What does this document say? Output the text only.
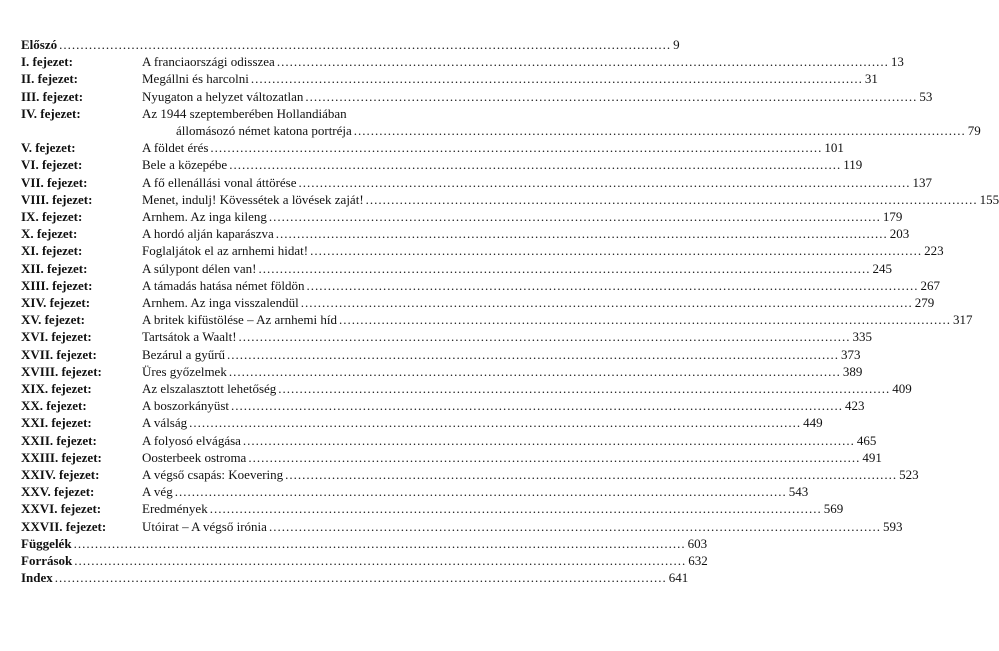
Előszó .....	9
I. fejezet:	A franciaországi odisszea .....	13
II. fejezet:	Megállni és harcolni .....	31
III. fejezet:	Nyugaton a helyzet változatlan .....	53
IV. fejezet:	Az 1944 szeptemberében Hollandiában
állomásozó német katona portréja .....	79
V. fejezet:	A földet érés .....	101
VI. fejezet:	Bele a közepébe .....	119
VII. fejezet:	A fő ellenállási vonal áttörése .....	137
VIII. fejezet:	Menet, indulj! Kövessétek a lövések zaját! .....	155
IX. fejezet:	Arnhem. Az inga kileng .....	179
X. fejezet:	A hordó alján kaparászva .....	203
XI. fejezet:	Foglaljátok el az arnhemi hidat! .....	223
XII. fejezet:	A súlypont délen van! .....	245
XIII. fejezet:	A támadás hatása német földön .....	267
XIV. fejezet:	Arnhem. Az inga visszalendül .....	279
XV. fejezet:	A britek kifüstölése – Az arnhemi híd .....	317
XVI. fejezet:	Tartsátok a Waalt! .....	335
XVII. fejezet:	Bezárul a gyűrű .....	373
XVIII. fejezet:	Üres győzelmek .....	389
XIX. fejezet:	Az elszalasztott lehetőség .....	409
XX. fejezet:	A boszorkányüst .....	423
XXI. fejezet:	A válság .....	449
XXII. fejezet:	A folyosó elvágása .....	465
XXIII. fejezet:	Oosterbeek ostroma .....	491
XXIV. fejezet:	A végső csapás: Koevering .....	523
XXV. fejezet:	A vég .....	543
XXVI. fejezet:	Eredmények .....	569
XXVII. fejezet:	Utóirat – A végső irónia .....	593
Függelék .....	603
Források .....	632
Index .....	641
